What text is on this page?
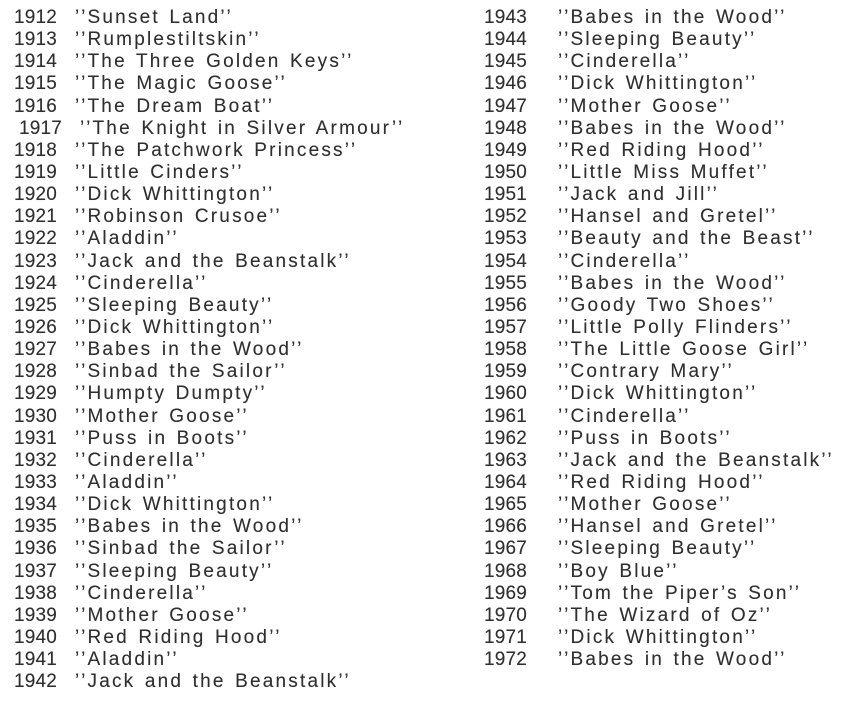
1912 ’’Sunset Land’’
1913 ’’Rumplestiltskin’’
1914 ’’The Three Golden Keys’’
1915 ’’The Magic Goose’’
1916 ’’The Dream Boat’’
1917 ’’The Knight in Silver Armour’’
1918 ’’The Patchwork Princess’’
1919 ’’Little Cinders’’
1920 ’’Dick Whittington’’
1921 ’’Robinson Crusoe’’
1922 ’’Aladdin’’
1923 ’’Jack and the Beanstalk’’
1924 ’’Cinderella’’
1925 ’’Sleeping Beauty’’
1926 ’’Dick Whittington’’
1927 ’’Babes in the Wood’’
1928 ’’Sinbad the Sailor’’
1929 ’’Humpty Dumpty’’
1930 ’’Mother Goose’’
1931 ’’Puss in Boots’’
1932 ’’Cinderella’’
1933 ’’Aladdin’’
1934 ’’Dick Whittington’’
1935 ’’Babes in the Wood’’
1936 ’’Sinbad the Sailor’’
1937 ’’Sleeping Beauty’’
1938 ’’Cinderella’’
1939 ’’Mother Goose’’
1940 ’’Red Riding Hood’’
1941 ’’Aladdin’’
1942 ’’Jack and the Beanstalk’’
1943	’’Babes in the Wood’’
1944	’’Sleeping Beauty’’
1945	’’Cinderella’’
1946	’’Dick Whittington’’
1947	’’Mother Goose’’
1948	’’Babes in the Wood’’
1949	’’Red Riding Hood’’
1950	’’Little Miss Muffet’’
1951	’’Jack and Jill’’
1952	’’Hansel and Gretel’’
1953	’’Beauty and the Beast’’
1954	’’Cinderella’’
1955	’’Babes in the Wood’’
1956	’’Goody Two Shoes’’
1957	’’Little Polly Flinders’’
1958	’’The Little Goose Girl’’
1959	’’Contrary Mary’’
1960	’’Dick Whittington’’
1961	’’Cinderella’’
1962	’’Puss in Boots’’
1963	’’Jack and the Beanstalk’’
1964	’’Red Riding Hood’’
1965	’’Mother Goose’’
1966	’’Hansel and Gretel’’
1967	’’Sleeping Beauty’’
1968	’’Boy Blue’’
1969	’’Tom the Piper’s Son’’
1970	’’The Wizard of Oz’’
1971	’’Dick Whittington’’
1972	’’Babes in the Wood’’
